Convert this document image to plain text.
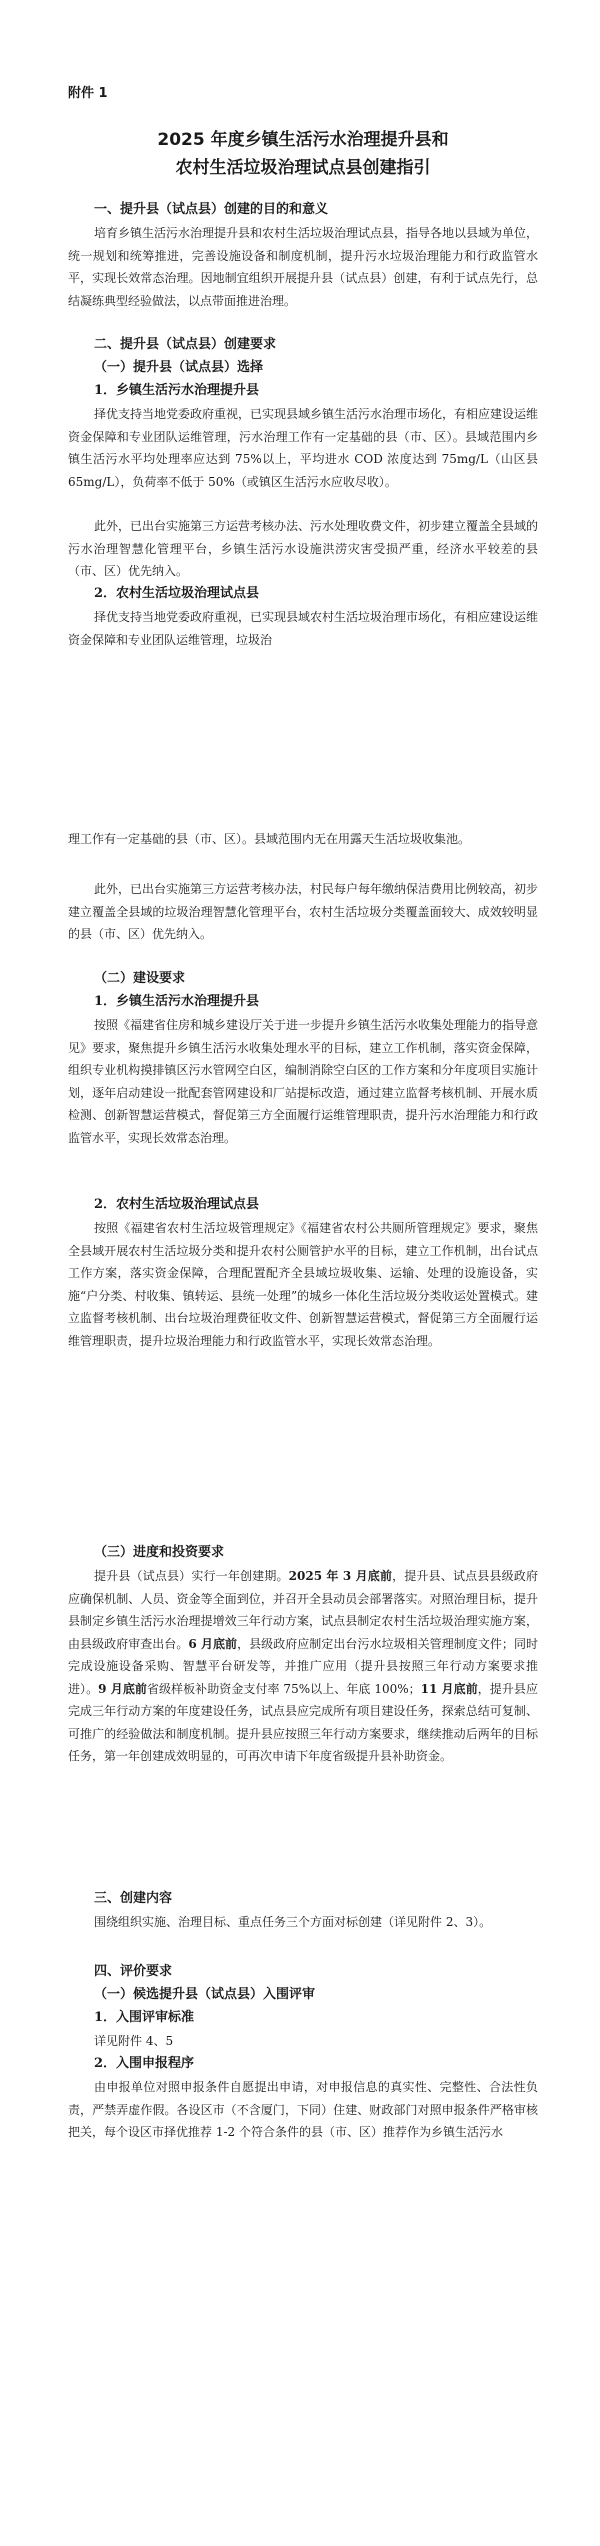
附件 1
2025 年度乡镇生活污水治理提升县和
农村生活垃圾治理试点县创建指引
一、提升县（试点县）创建的目的和意义

培育乡镇生活污水治理提升县和农村生活垃圾治理试点县，指导各地以县域为单位，统一规划和统筹推进，完善设施设备和制度机制，提升污水垃圾治理能力和行政监管水平，实现长效常态治理。因地制宜组织开展提升县（试点县）创建，有利于试点先行，总结凝练典型经验做法，以点带面推进治理。

二、提升县（试点县）创建要求
（一）提升县（试点县）选择
1．乡镇生活污水治理提升县

择优支持当地党委政府重视，已实现县域乡镇生活污水治理市场化，有相应建设运维资金保障和专业团队运维管理，污水治理工作有一定基础的县（市、区）。县域范围内乡镇生活污水平均处理率应达到 75%以上，平均进水 COD 浓度达到 75mg/L（山区县 65mg/L），负荷率不低于 50%（或镇区生活污水应收尽收）。

此外，已出台实施第三方运营考核办法、污水处理收费文件，初步建立覆盖全县域的污水治理智慧化管理平台，乡镇生活污水设施洪涝灾害受损严重，经济水平较差的县（市、区）优先纳入。

2．农村生活垃圾治理试点县

择优支持当地党委政府重视，已实现县域农村生活垃圾治理市场化，有相应建设运维资金保障和专业团队运维管理，垃圾治

理工作有一定基础的县（市、区）。县域范围内无在用露天生活垃圾收集池。

此外，已出台实施第三方运营考核办法，村民每户每年缴纳保洁费用比例较高，初步建立覆盖全县域的垃圾治理智慧化管理平台，农村生活垃圾分类覆盖面较大、成效较明显的县（市、区）优先纳入。

（二）建设要求
1．乡镇生活污水治理提升县

按照《福建省住房和城乡建设厅关于进一步提升乡镇生活污水收集处理能力的指导意见》要求，聚焦提升乡镇生活污水收集处理水平的目标，建立工作机制，落实资金保障，组织专业机构摸排镇区污水管网空白区，编制消除空白区的工作方案和分年度项目实施计划，逐年启动建设一批配套管网建设和厂站提标改造，通过建立监督考核机制、开展水质检测、创新智慧运营模式，督促第三方全面履行运维管理职责，提升污水治理能力和行政监管水平，实现长效常态治理。

2．农村生活垃圾治理试点县

按照《福建省农村生活垃圾管理规定》《福建省农村公共厕所管理规定》要求，聚焦全县域开展农村生活垃圾分类和提升农村公厕管护水平的目标，建立工作机制，出台试点工作方案，落实资金保障，合理配置配齐全县域垃圾收集、运输、处理的设施设备，实施“户分类、村收集、镇转运、县统一处理”的城乡一体化生活垃圾分类收运处置模式。建立监督考核机制、出台垃圾治理费征收文件、创新智慧运营模式，督促第三方全面履行运维管理职责，提升垃圾治理能力和行政监管水平，实现长效常态治理。

（三）进度和投资要求

提升县（试点县）实行一年创建期。2025 年 3 月底前，提升县、试点县县级政府应确保机制、人员、资金等全面到位，并召开全县动员会部署落实。对照治理目标，提升县制定乡镇生活污水治理提增效三年行动方案，试点县制定农村生活垃圾治理实施方案，由县级政府审查出台。6 月底前，县级政府应制定出台污水垃圾相关管理制度文件；同时完成设施设备采购、智慧平台研发等，并推广应用（提升县按照三年行动方案要求推进）。9 月底前省级样板补助资金支付率 75%以上、年底 100%；11 月底前，提升县应完成三年行动方案的年度建设任务，试点县应完成所有项目建设任务，探索总结可复制、可推广的经验做法和制度机制。提升县应按照三年行动方案要求，继续推动后两年的目标任务，第一年创建成效明显的，可再次申请下年度省级提升县补助资金。

三、创建内容

围绕组织实施、治理目标、重点任务三个方面对标创建（详见附件 2、3）。

四、评价要求
（一）候选提升县（试点县）入围评审
1．入围评审标准

详见附件 4、5

2．入围申报程序

由申报单位对照申报条件自愿提出申请，对申报信息的真实性、完整性、合法性负责，严禁弄虚作假。各设区市（不含厦门，下同）住建、财政部门对照申报条件严格审核把关，每个设区市择优推荐 1-2 个符合条件的县（市、区）推荐作为乡镇生活污水
